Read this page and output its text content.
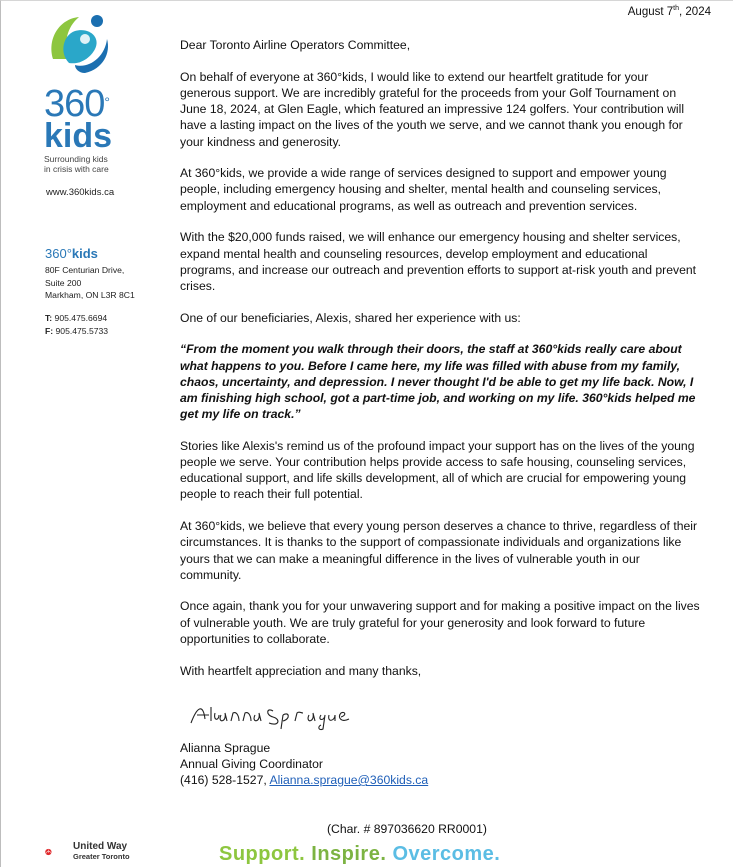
August 7th, 2024
360°
kids
Surrounding kids
in crisis with care
www.360kids.ca
360°kids
80F Centurian Drive,
Suite 200
Markham, ON L3R 8C1
T: 905.475.6694
F: 905.475.5733

Dear Toronto Airline Operators Committee,

On behalf of everyone at 360°kids, I would like to extend our heartfelt gratitude for your generous support. We are incredibly grateful for the proceeds from your Golf Tournament on June 18, 2024, at Glen Eagle, which featured an impressive 124 golfers. Your contribution will have a lasting impact on the lives of the youth we serve, and we cannot thank you enough for your kindness and generosity.

At 360°kids, we provide a wide range of services designed to support and empower young people, including emergency housing and shelter, mental health and counseling services, employment and educational programs, as well as outreach and prevention services.

With the $20,000 funds raised, we will enhance our emergency housing and shelter services, expand mental health and counseling resources, develop employment and educational programs, and increase our outreach and prevention efforts to support at-risk youth and prevent crises.

One of our beneficiaries, Alexis, shared her experience with us:

“From the moment you walk through their doors, the staff at 360°kids really care about what happens to you. Before I came here, my life was filled with abuse from my family, chaos, uncertainty, and depression. I never thought I'd be able to get my life back. Now, I am finishing high school, got a part-time job, and working on my life. 360°kids helped me get my life on track.”

Stories like Alexis's remind us of the profound impact your support has on the lives of the young people we serve. Your contribution helps provide access to safe housing, counseling services, educational support, and life skills development, all of which are crucial for empowering young people to reach their full potential.

At 360°kids, we believe that every young person deserves a chance to thrive, regardless of their circumstances. It is thanks to the support of compassionate individuals and organizations like yours that we can make a meaningful difference in the lives of vulnerable youth in our community.

Once again, thank you for your unwavering support and for making a positive impact on the lives of vulnerable youth. We are truly grateful for your generosity and look forward to future opportunities to collaborate.

With heartfelt appreciation and many thanks,

Alianna Sprague
Annual Giving Coordinator
(416) 528-1527, Alianna.sprague@360kids.ca
(Char. # 897036620 RR0001)
United Way
Greater Toronto	Support. Inspire. Overcome.
